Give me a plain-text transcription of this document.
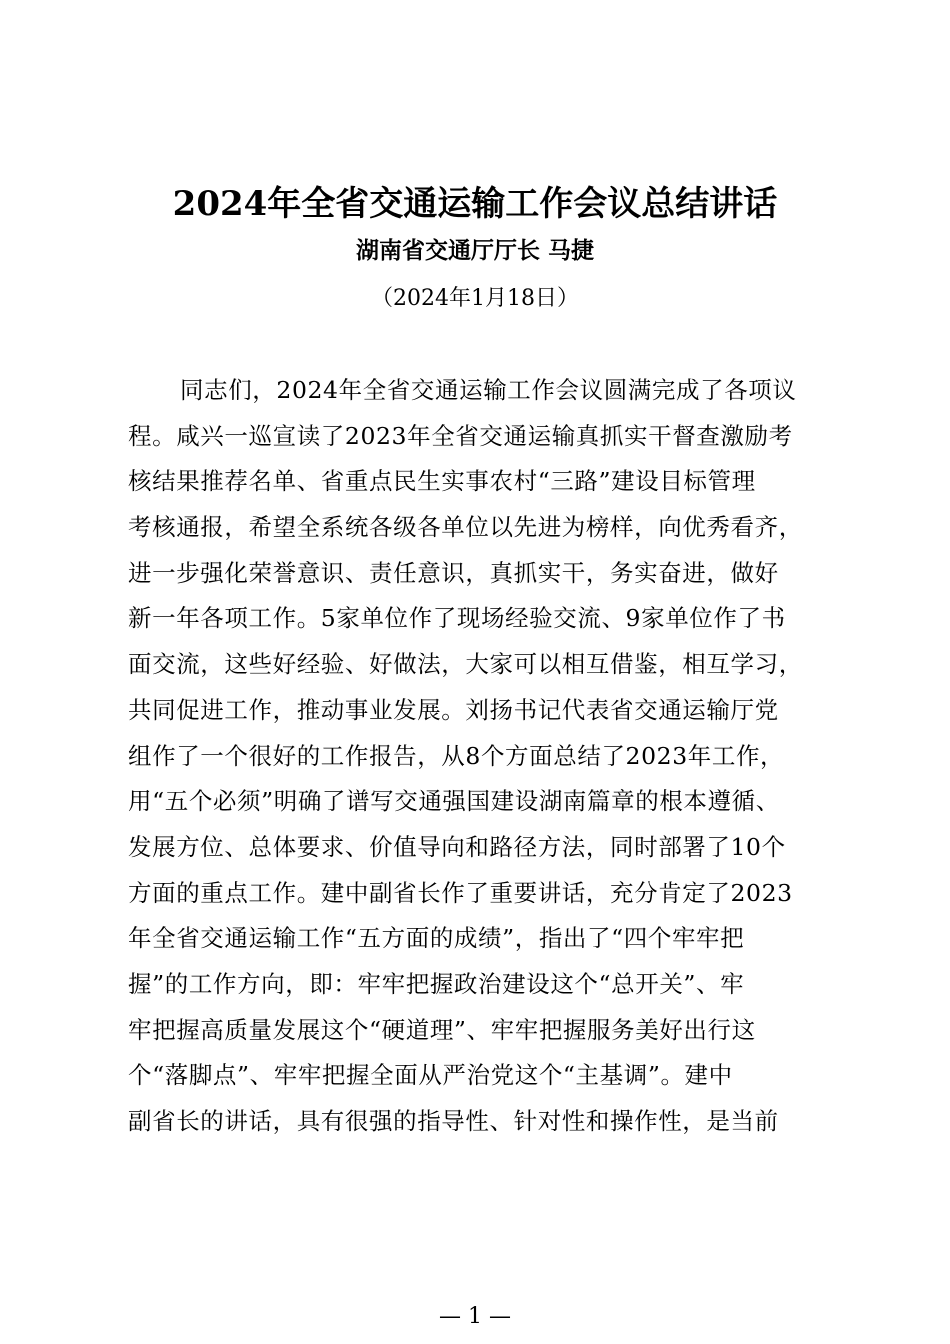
2024年全省交通运输工作会议总结讲话
湖南省交通厅厅长 马捷
（2024年1月18日）
同志们，2024年全省交通运输工作会议圆满完成了各项议
程。咸兴一巡宣读了2023年全省交通运输真抓实干督查激励考
核结果推荐名单、省重点民生实事农村“三路”建设目标管理
考核通报，希望全系统各级各单位以先进为榜样，向优秀看齐，
进一步强化荣誉意识、责任意识，真抓实干，务实奋进，做好
新一年各项工作。5家单位作了现场经验交流、9家单位作了书
面交流，这些好经验、好做法，大家可以相互借鉴，相互学习，
共同促进工作，推动事业发展。刘扬书记代表省交通运输厅党
组作了一个很好的工作报告，从8个方面总结了2023年工作，
用“五个必须”明确了谱写交通强国建设湖南篇章的根本遵循、
发展方位、总体要求、价值导向和路径方法，同时部署了10个
方面的重点工作。建中副省长作了重要讲话，充分肯定了2023
年全省交通运输工作“五方面的成绩”，指出了“四个牢牢把
握”的工作方向，即：牢牢把握政治建设这个“总开关”、牢
牢把握高质量发展这个“硬道理”、牢牢把握服务美好出行这
个“落脚点”、牢牢把握全面从严治党这个“主基调”。建中
副省长的讲话，具有很强的指导性、针对性和操作性，是当前
— 1 —
